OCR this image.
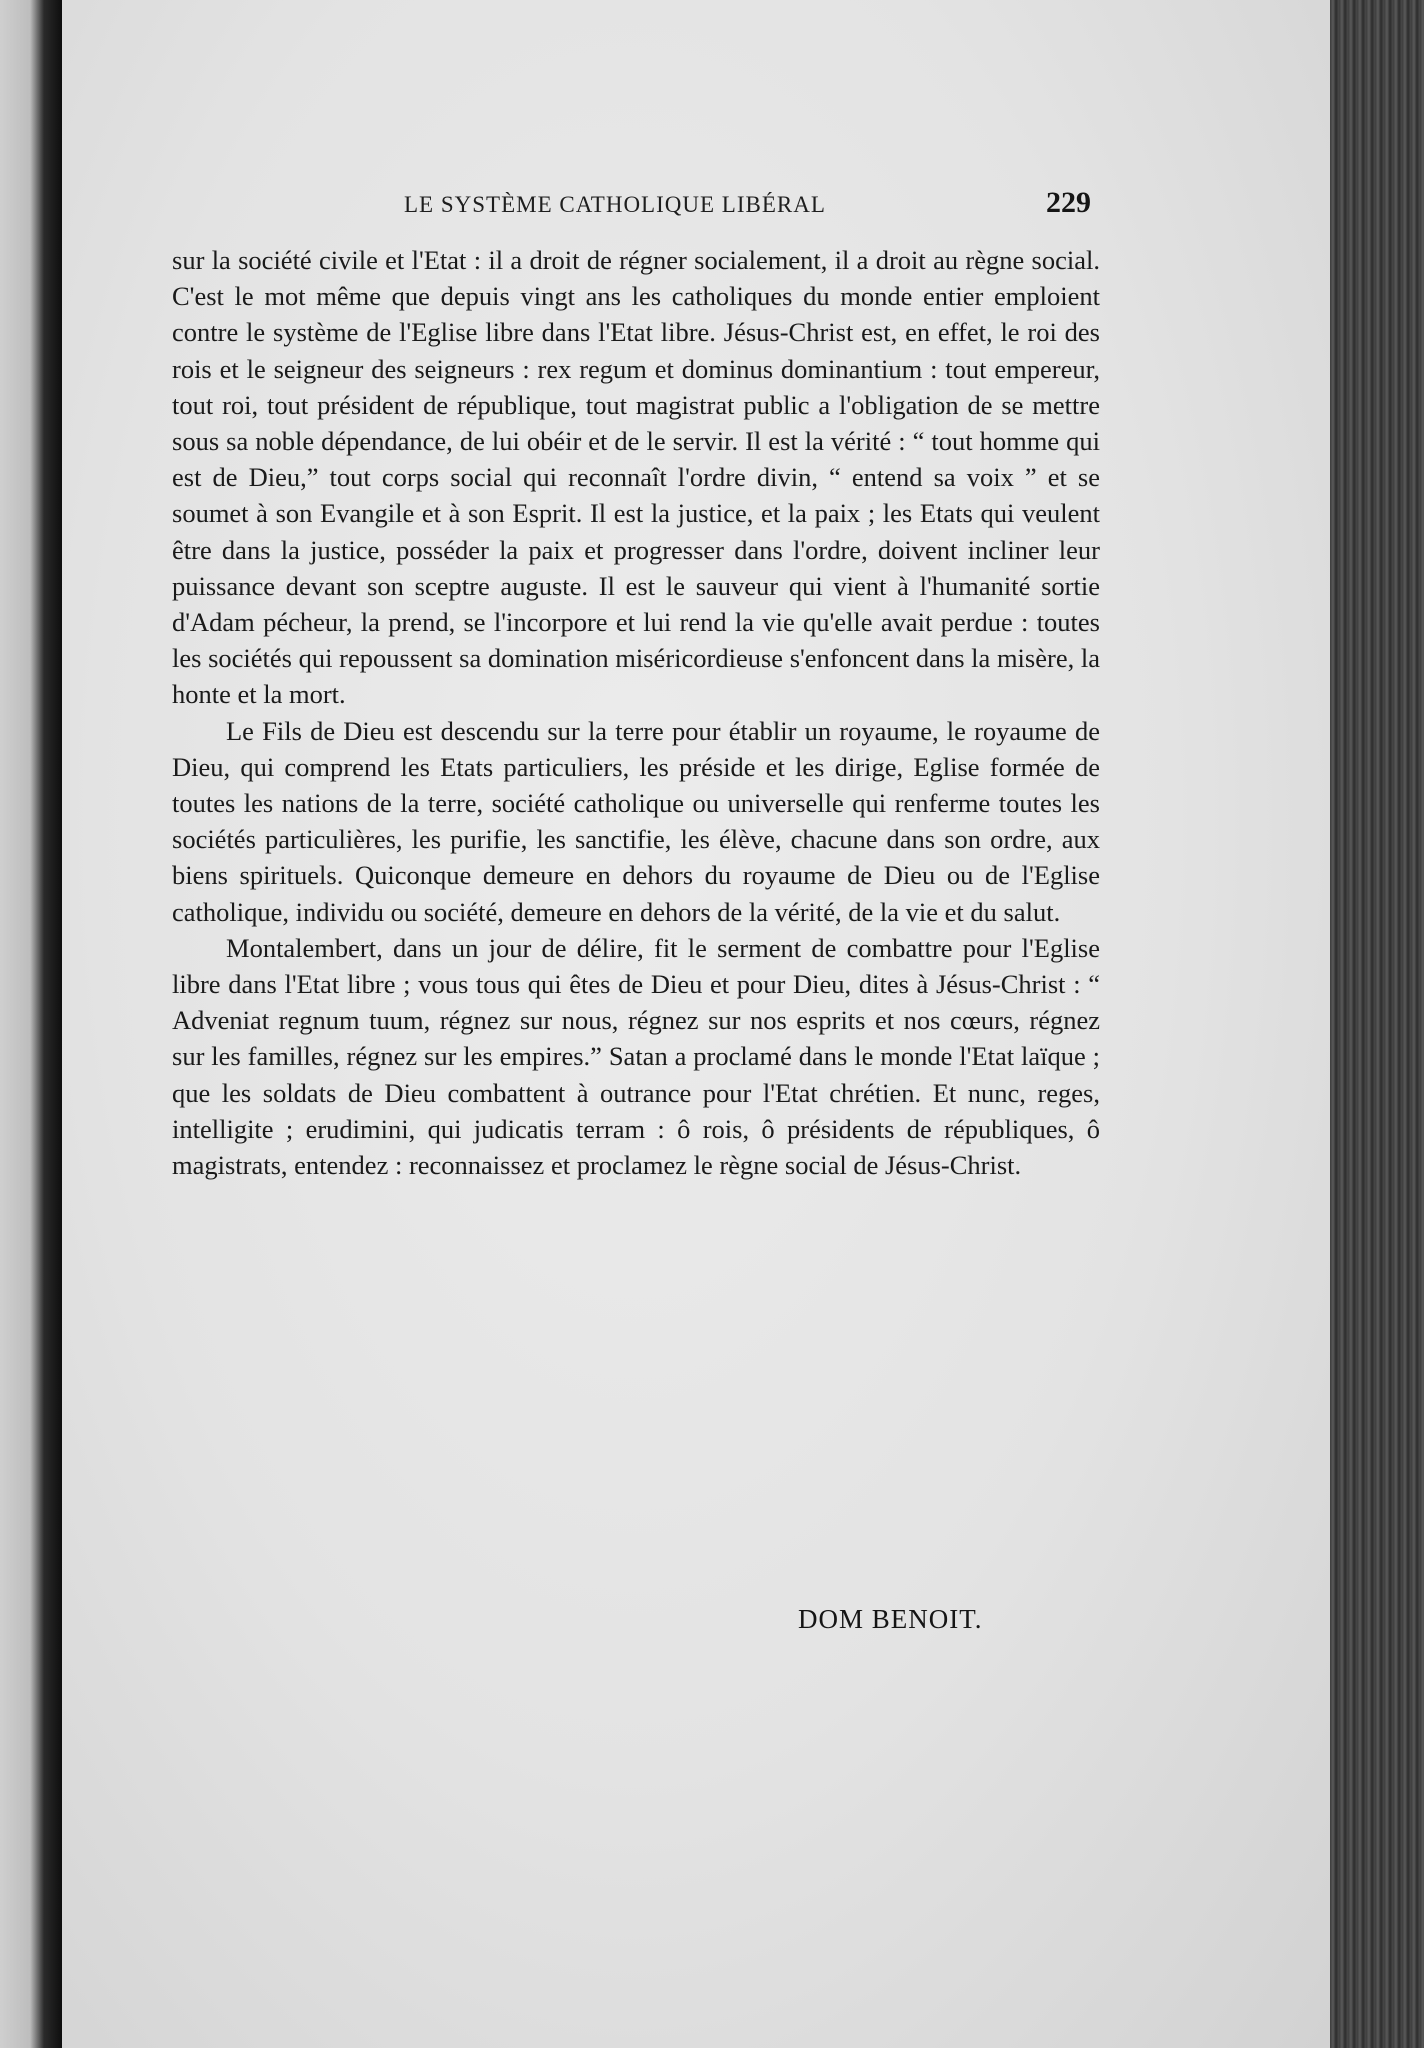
LE SYSTÈME CATHOLIQUE LIBÉRAL	229

sur la société civile et l'Etat : il a droit de régner socialement, il a droit au règne social. C'est le mot même que depuis vingt ans les catholiques du monde entier emploient contre le système de l'Eglise libre dans l'Etat libre. Jésus-Christ est, en effet, le roi des rois et le seigneur des seigneurs : rex regum et dominus dominantium : tout empereur, tout roi, tout président de république, tout magistrat public a l'obligation de se mettre sous sa noble dépendance, de lui obéir et de le servir. Il est la vérité : “ tout homme qui est de Dieu,” tout corps social qui reconnaît l'ordre divin, “ entend sa voix ” et se soumet à son Evangile et à son Esprit. Il est la justice, et la paix ; les Etats qui veulent être dans la justice, posséder la paix et progresser dans l'ordre, doivent incliner leur puissance devant son sceptre auguste. Il est le sauveur qui vient à l'humanité sortie d'Adam pécheur, la prend, se l'incorpore et lui rend la vie qu'elle avait perdue : toutes les sociétés qui repoussent sa domination miséricordieuse s'enfoncent dans la misère, la honte et la mort.

Le Fils de Dieu est descendu sur la terre pour établir un royaume, le royaume de Dieu, qui comprend les Etats particuliers, les préside et les dirige, Eglise formée de toutes les nations de la terre, société catholique ou universelle qui renferme toutes les sociétés particulières, les purifie, les sanctifie, les élève, chacune dans son ordre, aux biens spirituels. Quiconque demeure en dehors du royaume de Dieu ou de l'Eglise catholique, individu ou société, demeure en dehors de la vérité, de la vie et du salut.

Montalembert, dans un jour de délire, fit le serment de combattre pour l'Eglise libre dans l'Etat libre ; vous tous qui êtes de Dieu et pour Dieu, dites à Jésus-Christ : “ Adveniat regnum tuum, régnez sur nous, régnez sur nos esprits et nos cœurs, régnez sur les familles, régnez sur les empires.” Satan a proclamé dans le monde l'Etat laïque ; que les soldats de Dieu combattent à outrance pour l'Etat chrétien. Et nunc, reges, intelligite ; erudimini, qui judicatis terram : ô rois, ô présidents de républiques, ô magistrats, entendez : reconnaissez et proclamez le règne social de Jésus-Christ.

DOM BENOIT.
